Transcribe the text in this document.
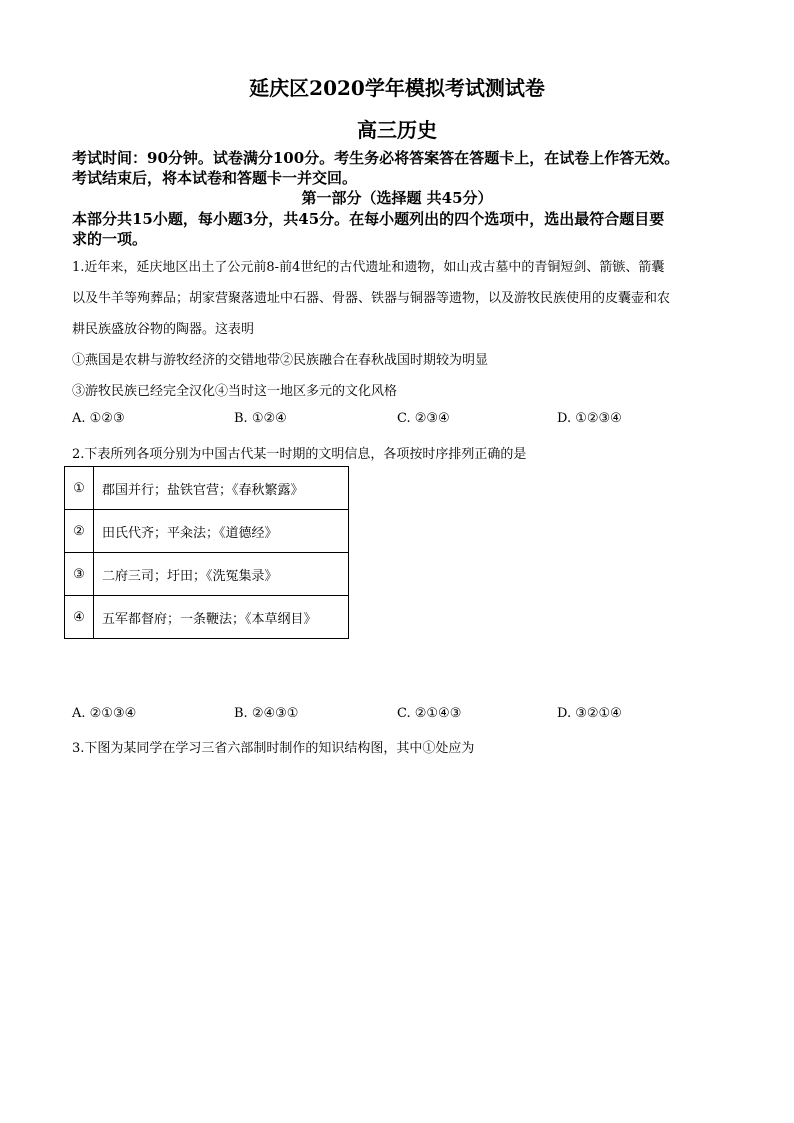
延庆区2020学年模拟考试测试卷
高三历史
考试时间：90分钟。试卷满分100分。考生务必将答案答在答题卡上，在试卷上作答无效。
考试结束后，将本试卷和答题卡一并交回。
第一部分（选择题 共45分）
本部分共15小题，每小题3分，共45分。在每小题列出的四个选项中，选出最符合题目要
求的一项。
1.近年来，延庆地区出土了公元前8-前4世纪的古代遗址和遗物，如山戎古墓中的青铜短剑、箭镞、箭囊
以及牛羊等殉葬品；胡家营聚落遗址中石器、骨器、铁器与铜器等遗物，以及游牧民族使用的皮囊壶和农
耕民族盛放谷物的陶器。这表明
①燕国是农耕与游牧经济的交错地带②民族融合在春秋战国时期较为明显
③游牧民族已经完全汉化④当时这一地区多元的文化风格
A. ①②③	B. ①②④	C. ②③④	D. ①②③④
2.下表所列各项分别为中国古代某一时期的文明信息，各项按时序排列正确的是
①	郡国并行；盐铁官营；《春秋繁露》
②	田氏代齐；平籴法；《道德经》
③	二府三司；圩田；《洗冤集录》
④	五军都督府；一条鞭法；《本草纲目》
A. ②①③④	B. ②④③①	C. ②①④③	D. ③②①④
3.下图为某同学在学习三省六部制时制作的知识结构图，其中①处应为
